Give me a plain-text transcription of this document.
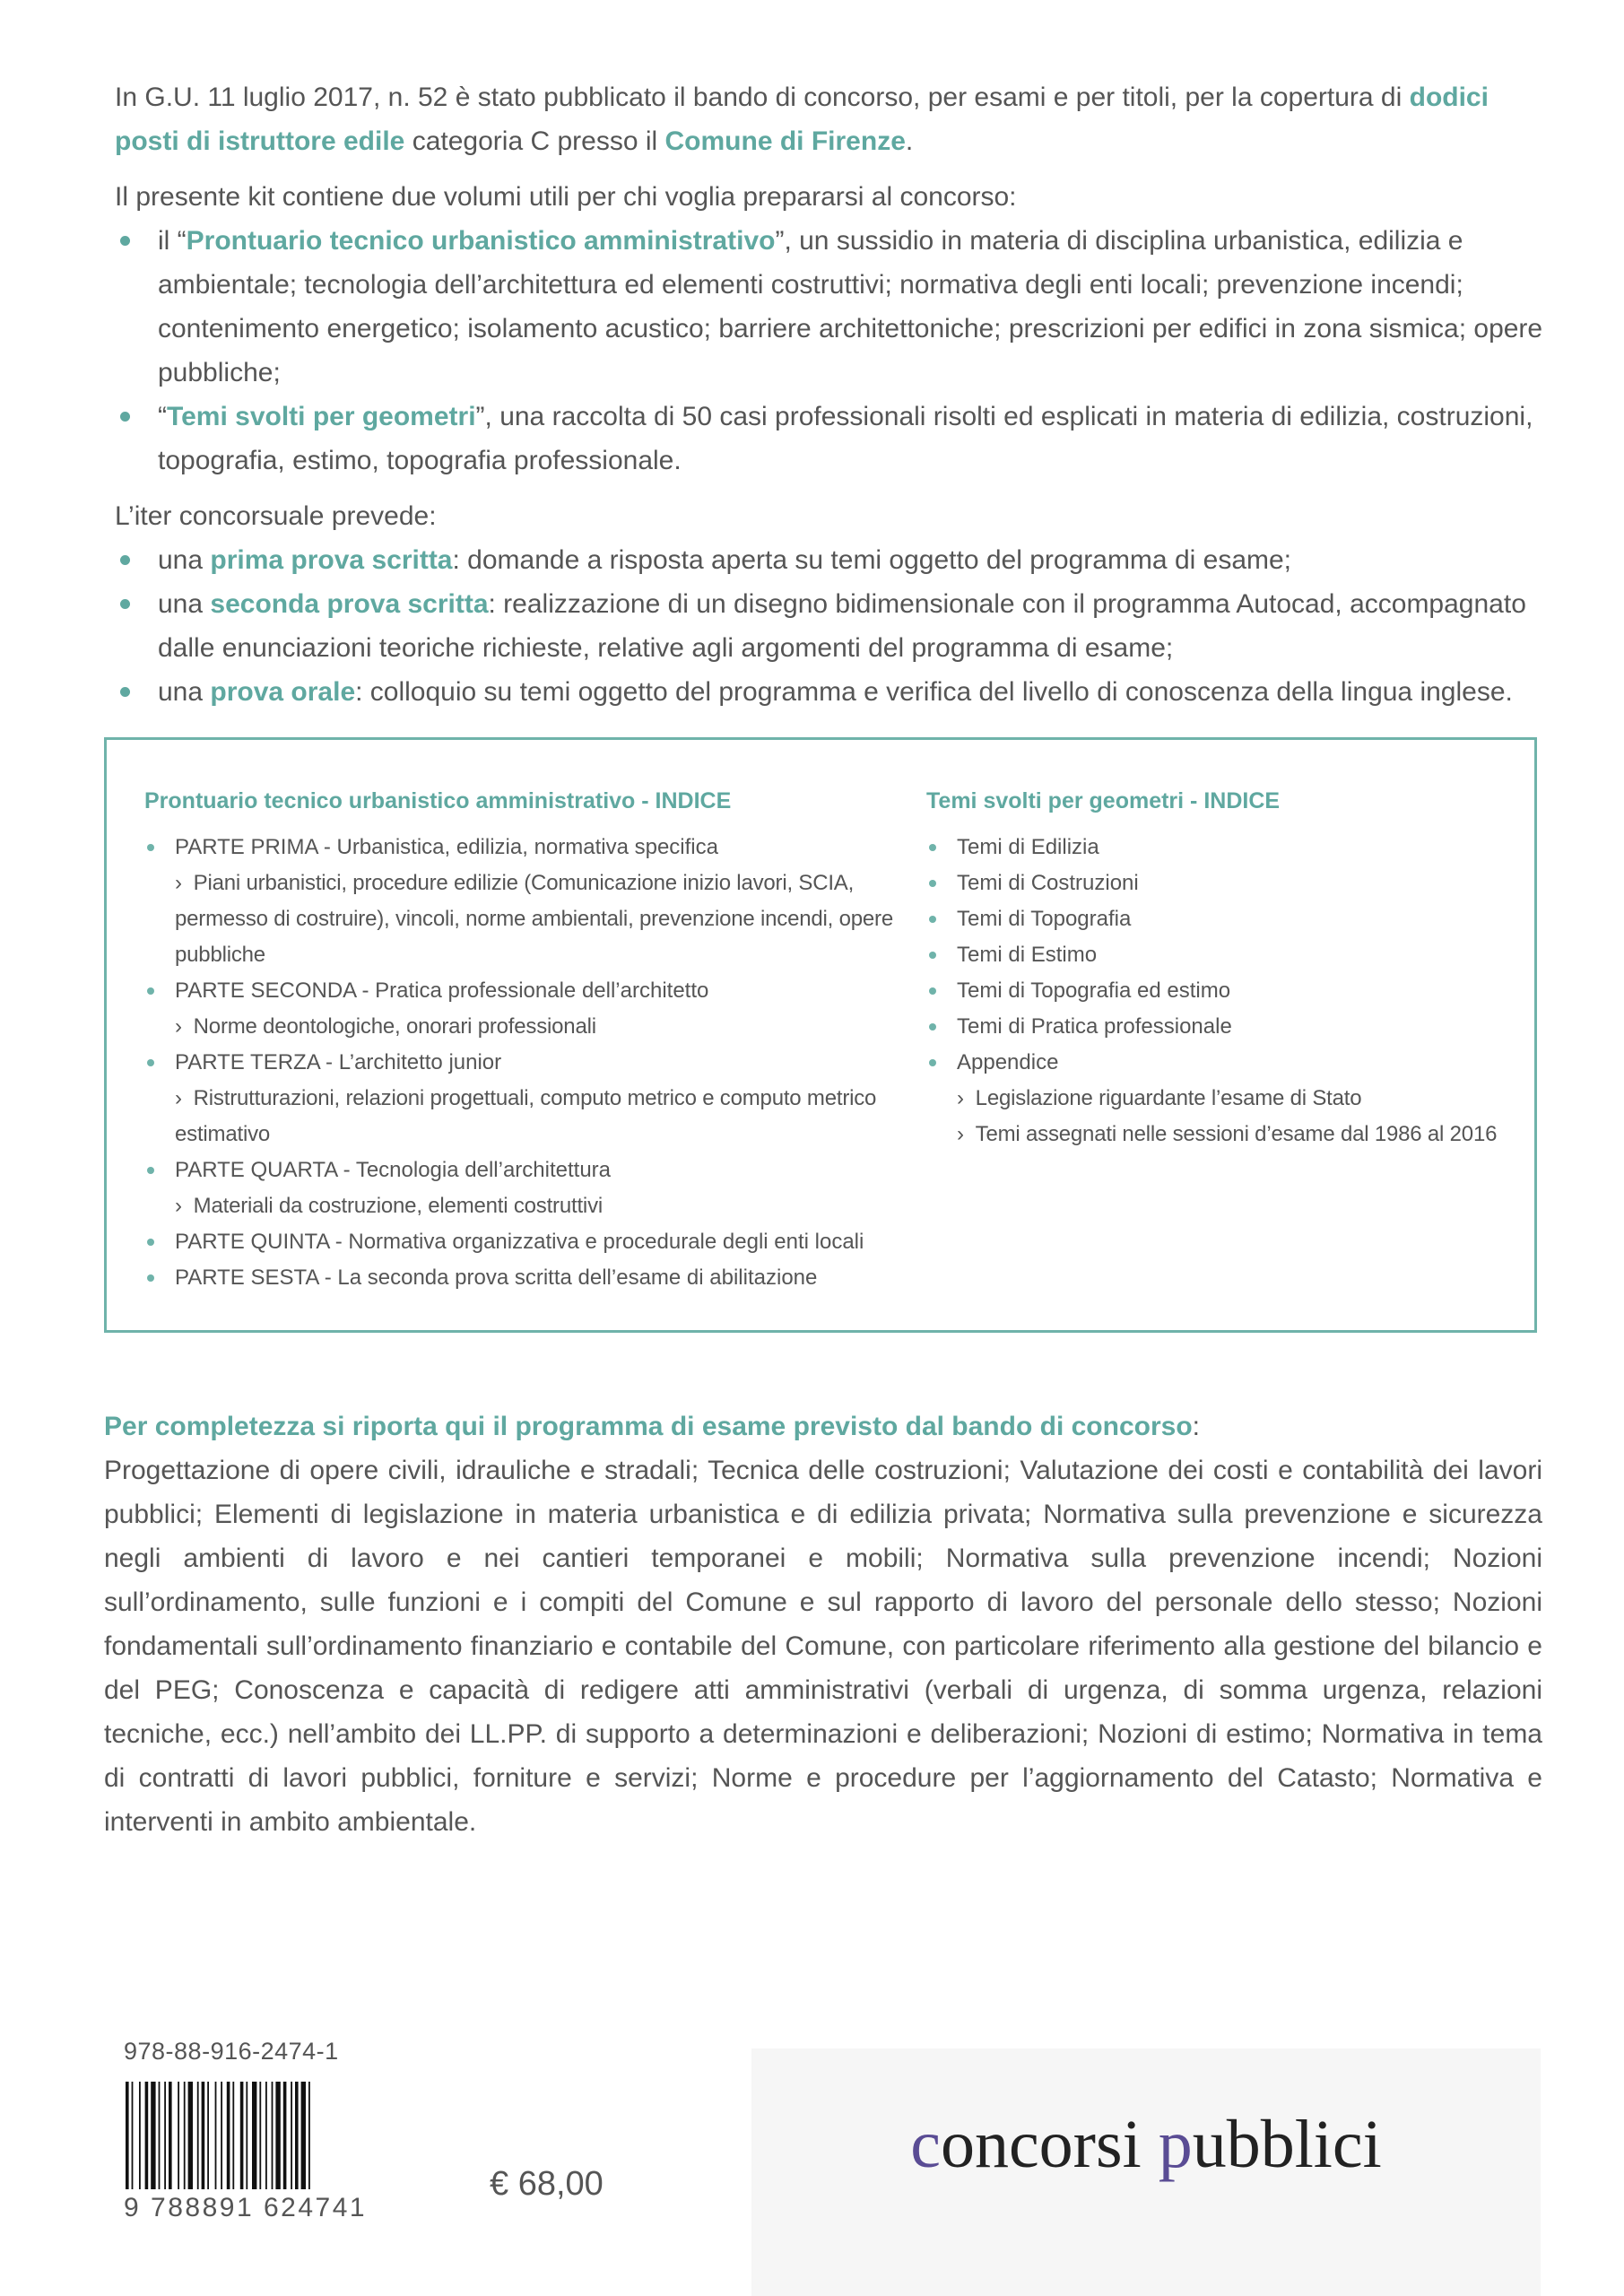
In G.U. 11 luglio 2017, n. 52 è stato pubblicato il bando di concorso, per esami e per titoli, per la copertura di dodici posti di istruttore edile categoria C presso il Comune di Firenze.

Il presente kit contiene due volumi utili per chi voglia prepararsi al concorso:

il “Prontuario tecnico urbanistico amministrativo”, un sussidio in materia di disciplina urbanistica, edilizia e ambientale; tecnologia dell’architettura ed elementi costruttivi; normativa degli enti locali; prevenzione incendi; contenimento energetico; isolamento acustico; barriere architettoniche; prescrizioni per edifici in zona sismica; opere pubbliche;
“Temi svolti per geometri”, una raccolta di 50 casi professionali risolti ed esplicati in materia di edilizia, costruzioni, topografia, estimo, topografia professionale.

L’iter concorsuale prevede:

una prima prova scritta: domande a risposta aperta su temi oggetto del programma di esame;
una seconda prova scritta: realizzazione di un disegno bidimensionale con il programma Autocad, accompagnato dalle enunciazioni teoriche richieste, relative agli argomenti del programma di esame;
una prova orale: colloquio su temi oggetto del programma e verifica del livello di conoscenza della lingua inglese.
Prontuario tecnico urbanistico amministrativo - INDICE
PARTE PRIMA - Urbanistica, edilizia, normativa specifica
› Piani urbanistici, procedure edilizie (Comunicazione inizio lavori, SCIA, permesso di costruire), vincoli, norme ambientali, prevenzione incendi, opere pubbliche
PARTE SECONDA - Pratica professionale dell’architetto
› Norme deontologiche, onorari professionali
PARTE TERZA - L’architetto junior
› Ristrutturazioni, relazioni progettuali, computo metrico e computo metrico estimativo
PARTE QUARTA - Tecnologia dell’architettura
› Materiali da costruzione, elementi costruttivi
PARTE QUINTA - Normativa organizzativa e procedurale degli enti locali
PARTE SESTA - La seconda prova scritta dell’esame di abilitazione
Temi svolti per geometri - INDICE
Temi di Edilizia
Temi di Costruzioni
Temi di Topografia
Temi di Estimo
Temi di Topografia ed estimo
Temi di Pratica professionale
Appendice
› Legislazione riguardante l’esame di Stato
› Temi assegnati nelle sessioni d’esame dal 1986 al 2016

Per completezza si riporta qui il programma di esame previsto dal bando di concorso:

Progettazione di opere civili, idrauliche e stradali; Tecnica delle costruzioni; Valutazione dei costi e contabilità dei lavori pubblici; Elementi di legislazione in materia urbanistica e di edilizia privata; Normativa sulla prevenzione e sicurezza negli ambienti di lavoro e nei cantieri temporanei e mobili; Normativa sulla prevenzione incendi; Nozioni sull’ordinamento, sulle funzioni e i compiti del Comune e sul rapporto di lavoro del personale dello stesso; Nozioni fondamentali sull’ordinamento finanziario e contabile del Comune, con particolare riferimento alla gestione del bilancio e del PEG; Conoscenza e capacità di redigere atti amministrativi (verbali di urgenza, di somma urgenza, relazioni tecniche, ecc.) nell’ambito dei LL.PP. di supporto a determinazioni e deliberazioni; Nozioni di estimo; Normativa in tema di contratti di lavori pubblici, forniture e servizi; Norme e procedure per l’aggiornamento del Catasto; Normativa e interventi in ambito ambientale.

978-88-916-2474-1
9 788891 624741
€ 68,00
concorsi pubblici
